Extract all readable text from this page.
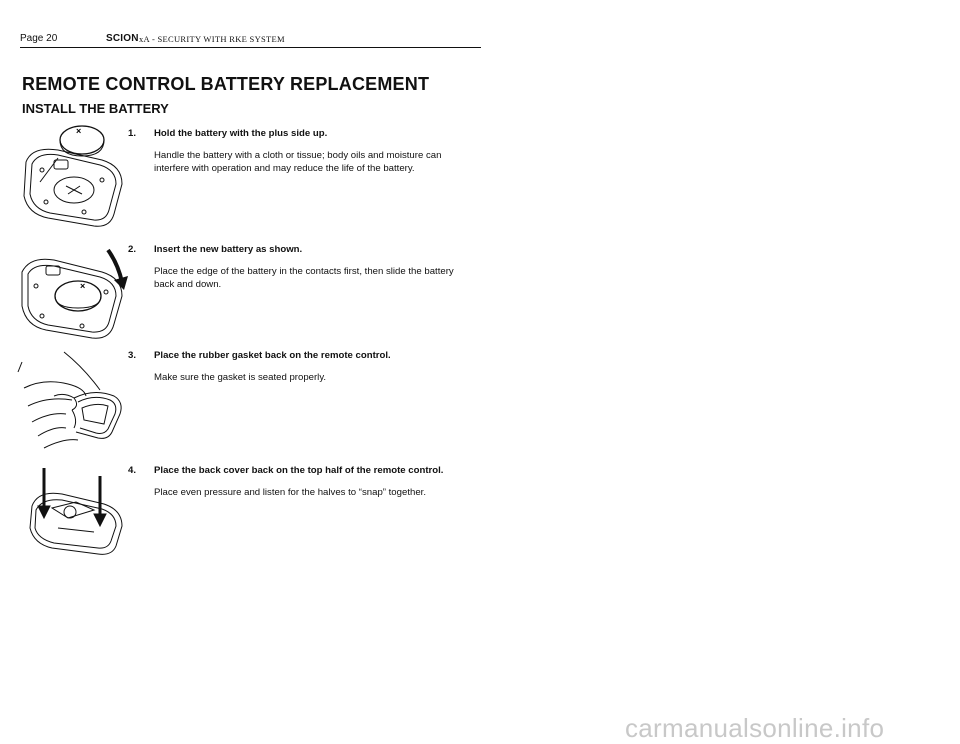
Page 20	SCION xA - SECURITY WITH RKE SYSTEM
REMOTE CONTROL BATTERY REPLACEMENT
INSTALL THE BATTERY
×
×
1. Hold the battery with the plus side up.
Handle the battery with a cloth or tissue; body oils and moisture can interfere with operation and may reduce the life of the battery.
2. Insert the new battery as shown.
Place the edge of the battery in the contacts first, then slide the battery back and down.
3. Place the rubber gasket back on the remote control.
Make sure the gasket is seated properly.
4. Place the back cover back on the top half of the remote control.
Place even pressure and listen for the halves to “snap” together.
carmanualsonline.info
